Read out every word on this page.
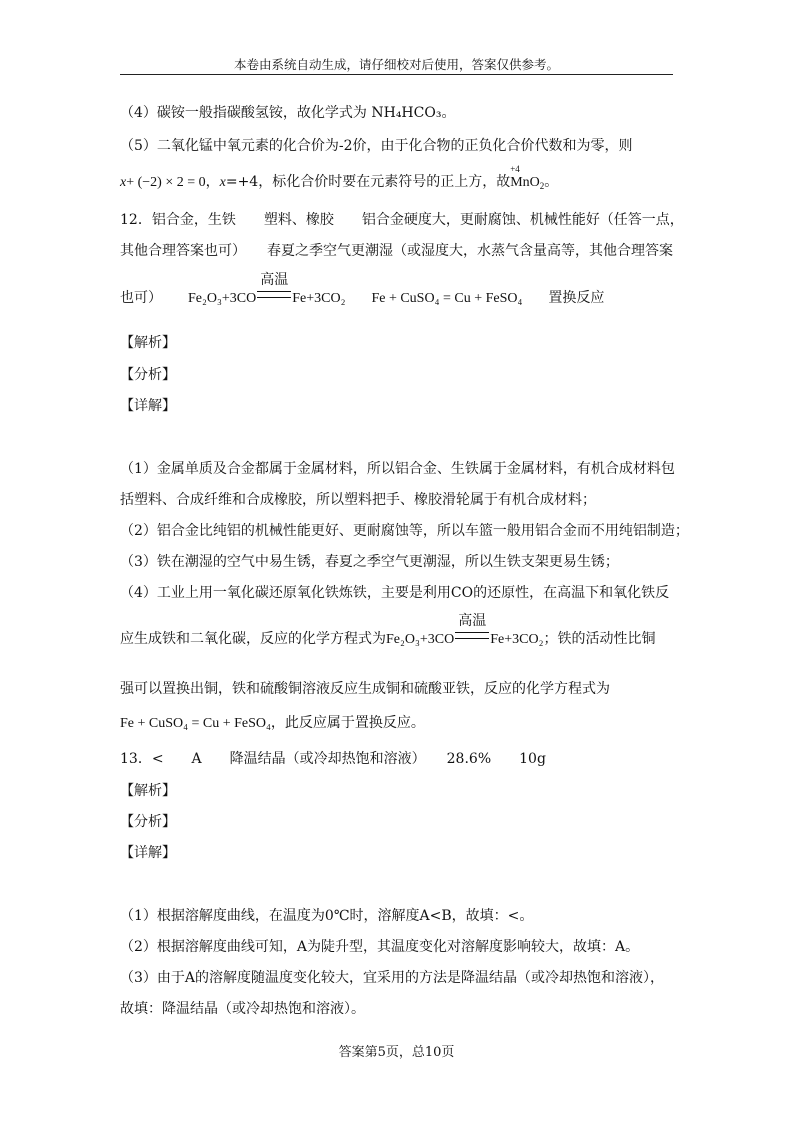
本卷由系统自动生成，请仔细校对后使用，答案仅供参考。
（4）碳铵一般指碳酸氢铵，故化学式为 NH₄HCO₃。
（5）二氧化锰中氧元素的化合价为-2价，由于化合物的正负化合价代数和为零，则
x+ (−2) × 2 = 0，x=+4，标化合价时要在元素符号的正上方，故
+4
MnO$_2$。
12．铝合金，生铁　　塑料、橡胶　　铝合金硬度大，更耐腐蚀、机械性能好（任答一点，
其他合理答案也可）　　春夏之季空气更潮湿（或湿度大，水蒸气含量高等，其他合理答案
也可） Fe₂O₃+3CO
高温
Fe+3CO₂ Fe + CuSO₄ = Cu + FeSO₄ 置换反应
【解析】
【分析】
【详解】
（1）金属单质及合金都属于金属材料，所以铝合金、生铁属于金属材料，有机合成材料包
括塑料、合成纤维和合成橡胶，所以塑料把手、橡胶滑轮属于有机合成材料；
（2）铝合金比纯铝的机械性能更好、更耐腐蚀等，所以车篮一般用铝合金而不用纯铝制造；
（3）铁在潮湿的空气中易生锈，春夏之季空气更潮湿，所以生铁支架更易生锈；
（4）工业上用一氧化碳还原氧化铁炼铁，主要是利用CO的还原性，在高温下和氧化铁反
应生成铁和二氧化碳，反应的化学方程式为Fe₂O₃+3CO
高温
Fe+3CO₂；铁的活动性比铜
强可以置换出铜，铁和硫酸铜溶液反应生成铜和硫酸亚铁，反应的化学方程式为
Fe + CuSO₄ = Cu + FeSO₄，此反应属于置换反应。
13．<　　A　　降温结晶（或冷却热饱和溶液）　　28.6%　　10g
【解析】
【分析】
【详解】
（1）根据溶解度曲线，在温度为0℃时，溶解度A<B，故填：<。
（2）根据溶解度曲线可知，A为陡升型，其温度变化对溶解度影响较大，故填：A。
（3）由于A的溶解度随温度变化较大，宜采用的方法是降温结晶（或冷却热饱和溶液），
故填：降温结晶（或冷却热饱和溶液）。
答案第5页，总10页
